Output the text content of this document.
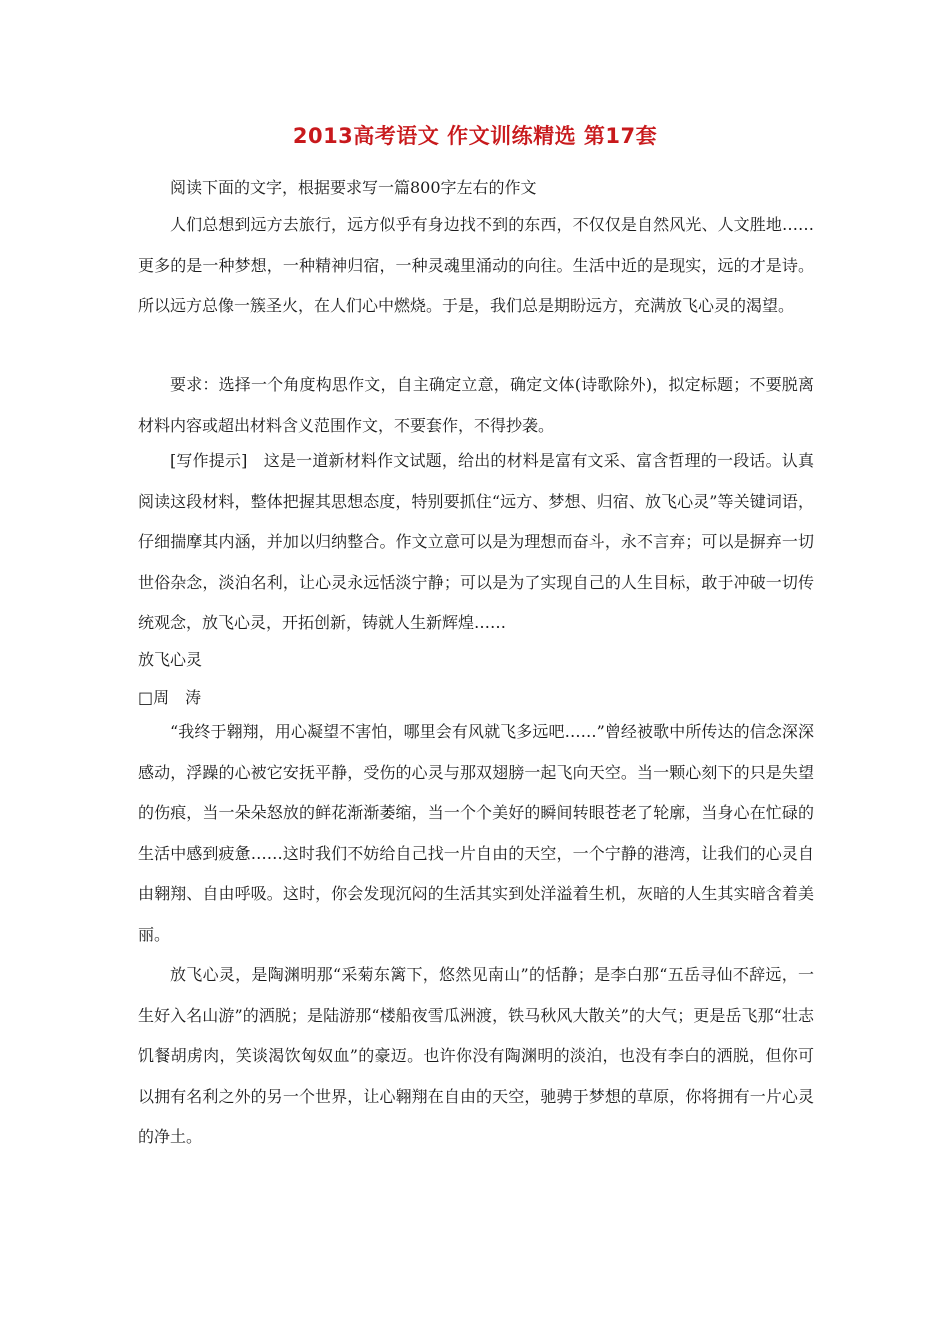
2013高考语文 作文训练精选 第17套

阅读下面的文字，根据要求写一篇800字左右的作文

人们总想到远方去旅行，远方似乎有身边找不到的东西，不仅仅是自然风光、人文胜地……更多的是一种梦想，一种精神归宿，一种灵魂里涌动的向往。生活中近的是现实，远的才是诗。所以远方总像一簇圣火，在人们心中燃烧。于是，我们总是期盼远方，充满放飞心灵的渴望。

要求：选择一个角度构思作文，自主确定立意，确定文体(诗歌除外)，拟定标题；不要脱离材料内容或超出材料含义范围作文，不要套作，不得抄袭。

[写作提示]　这是一道新材料作文试题，给出的材料是富有文采、富含哲理的一段话。认真阅读这段材料，整体把握其思想态度，特别要抓住“远方、梦想、归宿、放飞心灵”等关键词语，仔细揣摩其内涵，并加以归纳整合。作文立意可以是为理想而奋斗，永不言弃；可以是摒弃一切世俗杂念，淡泊名利，让心灵永远恬淡宁静；可以是为了实现自己的人生目标，敢于冲破一切传统观念，放飞心灵，开拓创新，铸就人生新辉煌……

放飞心灵

□周　涛

“我终于翱翔，用心凝望不害怕，哪里会有风就飞多远吧……”曾经被歌中所传达的信念深深感动，浮躁的心被它安抚平静，受伤的心灵与那双翅膀一起飞向天空。当一颗心刻下的只是失望的伤痕，当一朵朵怒放的鲜花渐渐萎缩，当一个个美好的瞬间转眼苍老了轮廓，当身心在忙碌的生活中感到疲惫……这时我们不妨给自己找一片自由的天空，一个宁静的港湾，让我们的心灵自由翱翔、自由呼吸。这时，你会发现沉闷的生活其实到处洋溢着生机，灰暗的人生其实暗含着美丽。

放飞心灵，是陶渊明那“采菊东篱下，悠然见南山”的恬静；是李白那“五岳寻仙不辞远，一生好入名山游”的洒脱；是陆游那“楼船夜雪瓜洲渡，铁马秋风大散关”的大气；更是岳飞那“壮志饥餐胡虏肉，笑谈渴饮匈奴血”的豪迈。也许你没有陶渊明的淡泊，也没有李白的洒脱，但你可以拥有名利之外的另一个世界，让心翱翔在自由的天空，驰骋于梦想的草原，你将拥有一片心灵的净土。
